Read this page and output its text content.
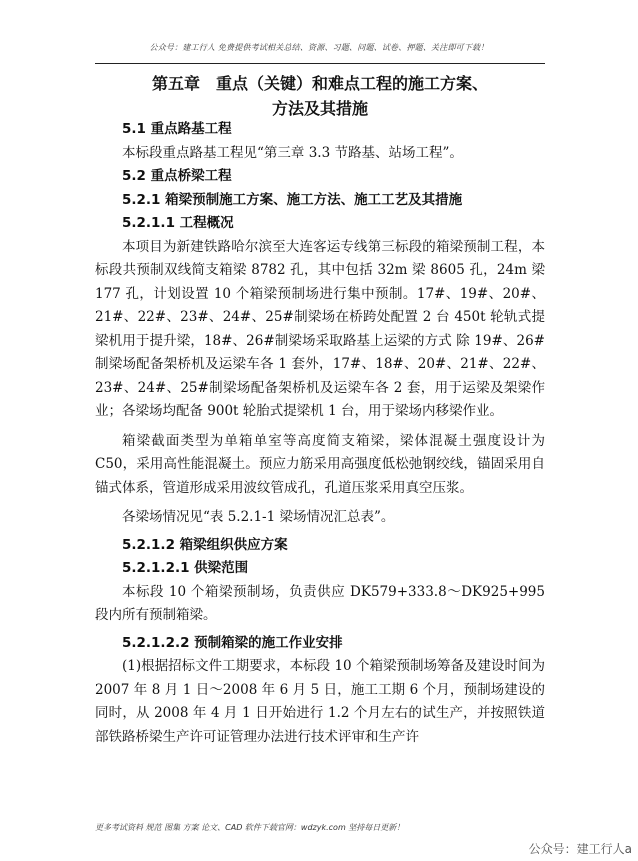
公众号：建工行人 免费提供考试相关总结、资源、习题、问题、试卷、押题、关注即可下载！
第五章　重点（关键）和难点工程的施工方案、
方法及其措施

5.1 重点路基工程

本标段重点路基工程见“第三章 3.3 节路基、站场工程”。

5.2 重点桥梁工程

5.2.1 箱梁预制施工方案、施工方法、施工工艺及其措施

5.2.1.1 工程概况

本项目为新建铁路哈尔滨至大连客运专线第三标段的箱梁预制工程，本标段共预制双线简支箱梁 8782 孔，其中包括 32m 梁 8605 孔，24m 梁 177 孔，计划设置 10 个箱梁预制场进行集中预制。17#、19#、20#、21#、22#、23#、24#、25#制梁场在桥跨处配置 2 台 450t 轮轨式提梁机用于提升梁，18#、26#制梁场采取路基上运梁的方式 除 19#、26#制梁场配备架桥机及运梁车各 1 套外，17#、18#、20#、21#、22#、23#、24#、25#制梁场配备架桥机及运梁车各 2 套，用于运梁及架梁作业；各梁场均配备 900t 轮胎式提梁机 1 台，用于梁场内移梁作业。

箱梁截面类型为单箱单室等高度简支箱梁，梁体混凝土强度设计为 C50，采用高性能混凝土。预应力筋采用高强度低松弛钢绞线，锚固采用自锚式体系，管道形成采用波纹管成孔，孔道压浆采用真空压浆。

各梁场情况见“表 5.2.1-1 梁场情况汇总表”。

5.2.1.2 箱梁组织供应方案

5.2.1.2.1 供梁范围

本标段 10 个箱梁预制场，负责供应 DK579+333.8～DK925+995 段内所有预制箱梁。

5.2.1.2.2 预制箱梁的施工作业安排

(1)根据招标文件工期要求，本标段 10 个箱梁预制场筹备及建设时间为 2007 年 8 月 1 日～2008 年 6 月 5 日，施工工期 6 个月，预制场建设的同时，从 2008 年 4 月 1 日开始进行 1.2 个月左右的试生产，并按照铁道部铁路桥梁生产许可证管理办法进行技术评审和生产许

更多考试资料 规范 图集 方案 论文、CAD 软件下载官网：wdzyk.com 坚持每日更新！
公众号：建工行人a
